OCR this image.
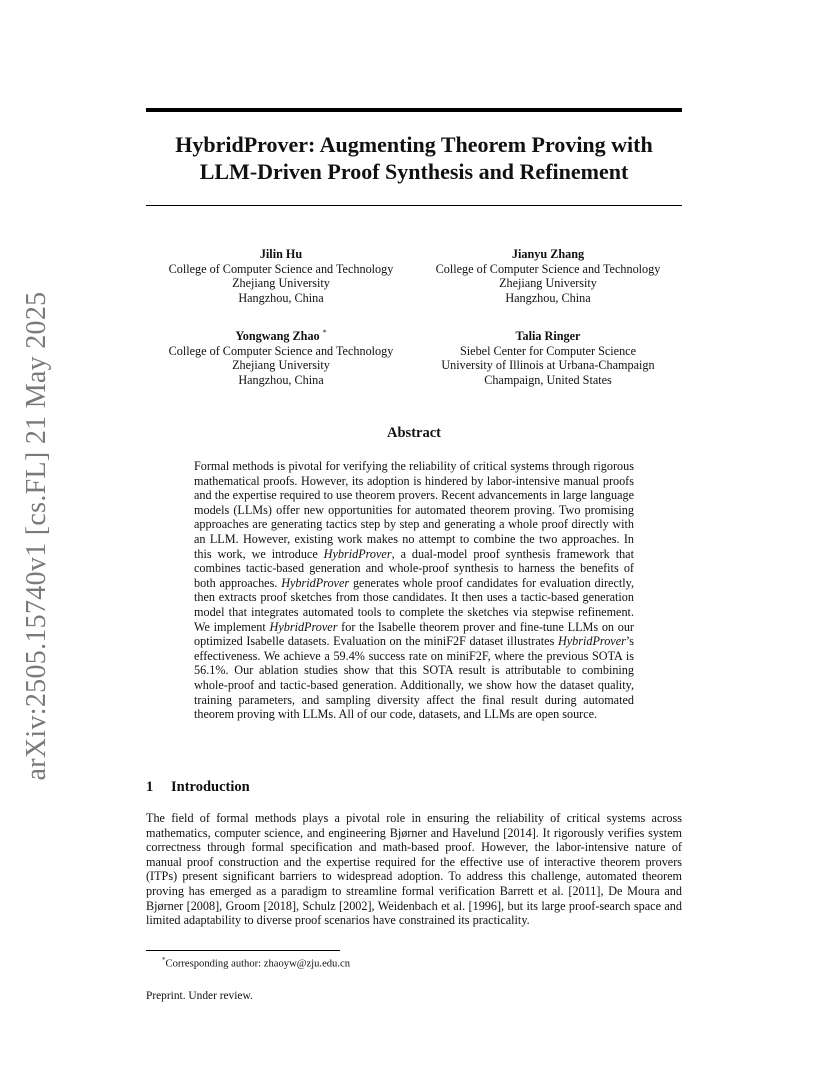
arXiv:2505.15740v1 [cs.FL] 21 May 2025
HybridProver: Augmenting Theorem Proving with LLM-Driven Proof Synthesis and Refinement
Jilin Hu
College of Computer Science and Technology
Zhejiang University
Hangzhou, China
Jianyu Zhang
College of Computer Science and Technology
Zhejiang University
Hangzhou, China
Yongwang Zhao *
College of Computer Science and Technology
Zhejiang University
Hangzhou, China
Talia Ringer
Siebel Center for Computer Science
University of Illinois at Urbana-Champaign
Champaign, United States
Abstract

Formal methods is pivotal for verifying the reliability of critical systems through rigorous mathematical proofs. However, its adoption is hindered by labor-intensive manual proofs and the expertise required to use theorem provers. Recent advancements in large language models (LLMs) offer new opportunities for automated theorem proving. Two promising approaches are generating tactics step by step and generating a whole proof directly with an LLM. However, existing work makes no attempt to combine the two approaches. In this work, we introduce HybridProver, a dual-model proof synthesis framework that combines tactic-based generation and whole-proof synthesis to harness the benefits of both approaches. HybridProver generates whole proof candidates for evaluation directly, then extracts proof sketches from those candidates. It then uses a tactic-based generation model that integrates automated tools to complete the sketches via stepwise refinement. We implement HybridProver for the Isabelle theorem prover and fine-tune LLMs on our optimized Isabelle datasets. Evaluation on the miniF2F dataset illustrates HybridProver’s effectiveness. We achieve a 59.4% success rate on miniF2F, where the previous SOTA is 56.1%. Our ablation studies show that this SOTA result is attributable to combining whole-proof and tactic-based generation. Additionally, we show how the dataset quality, training parameters, and sampling diversity affect the final result during automated theorem proving with LLMs. All of our code, datasets, and LLMs are open source.

1 Introduction

The field of formal methods plays a pivotal role in ensuring the reliability of critical systems across mathematics, computer science, and engineering Bjørner and Havelund [2014]. It rigorously verifies system correctness through formal specification and math-based proof. However, the labor-intensive nature of manual proof construction and the expertise required for the effective use of interactive theorem provers (ITPs) present significant barriers to widespread adoption. To address this challenge, automated theorem proving has emerged as a paradigm to streamline formal verification Barrett et al. [2011], De Moura and Bjørner [2008], Groom [2018], Schulz [2002], Weidenbach et al. [1996], but its large proof-search space and limited adaptability to diverse proof scenarios have constrained its practicality.

*Corresponding author: zhaoyw@zju.edu.cn

Preprint. Under review.
